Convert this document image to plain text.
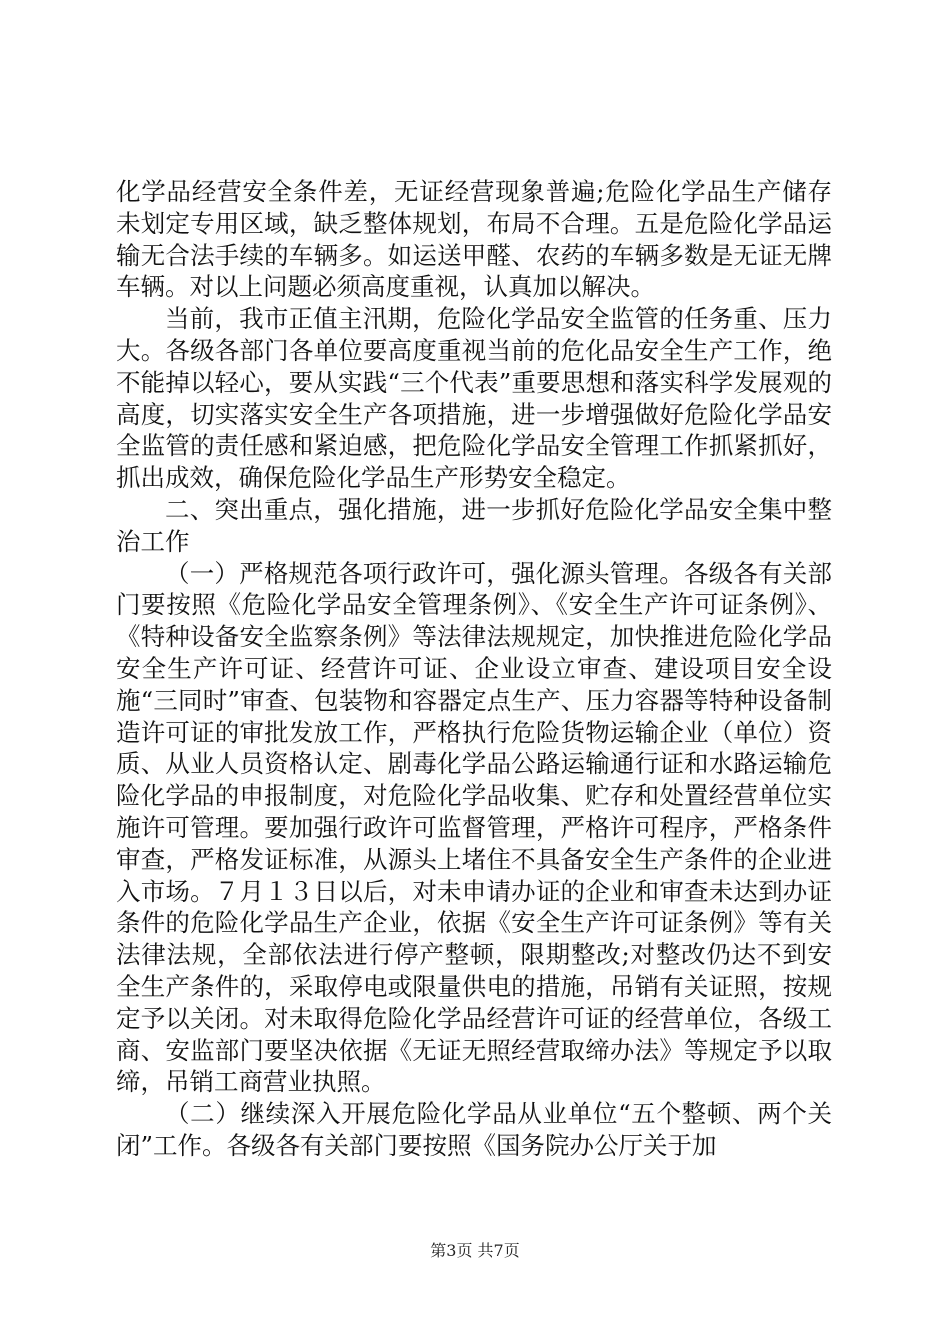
化学品经营安全条件差，无证经营现象普遍;危险化学品生产储存未划定专用区域，缺乏整体规划，布局不合理。五是危险化学品运输无合法手续的车辆多。如运送甲醛、农药的车辆多数是无证无牌车辆。对以上问题必须高度重视，认真加以解决。

当前，我市正值主汛期，危险化学品安全监管的任务重、压力大。各级各部门各单位要高度重视当前的危化品安全生产工作，绝不能掉以轻心，要从实践“三个代表”重要思想和落实科学发展观的高度，切实落实安全生产各项措施，进一步增强做好危险化学品安全监管的责任感和紧迫感，把危险化学品安全管理工作抓紧抓好，抓出成效，确保危险化学品生产形势安全稳定。

二、突出重点，强化措施，进一步抓好危险化学品安全集中整治工作

（一）严格规范各项行政许可，强化源头管理。各级各有关部门要按照《危险化学品安全管理条例》、《安全生产许可证条例》、《特种设备安全监察条例》等法律法规规定，加快推进危险化学品安全生产许可证、经营许可证、企业设立审查、建设项目安全设施“三同时”审查、包装物和容器定点生产、压力容器等特种设备制造许可证的审批发放工作，严格执行危险货物运输企业（单位）资质、从业人员资格认定、剧毒化学品公路运输通行证和水路运输危险化学品的申报制度，对危险化学品收集、贮存和处置经营单位实施许可管理。要加强行政许可监督管理，严格许可程序，严格条件审查，严格发证标准，从源头上堵住不具备安全生产条件的企业进入市场。７月１３日以后，对未申请办证的企业和审查未达到办证条件的危险化学品生产企业，依据《安全生产许可证条例》等有关法律法规，全部依法进行停产整顿，限期整改;对整改仍达不到安全生产条件的，采取停电或限量供电的措施，吊销有关证照，按规定予以关闭。对未取得危险化学品经营许可证的经营单位，各级工商、安监部门要坚决依据《无证无照经营取缔办法》等规定予以取缔，吊销工商营业执照。

（二）继续深入开展危险化学品从业单位“五个整顿、两个关闭”工作。各级各有关部门要按照《国务院办公厅关于加

第3页 共7页
